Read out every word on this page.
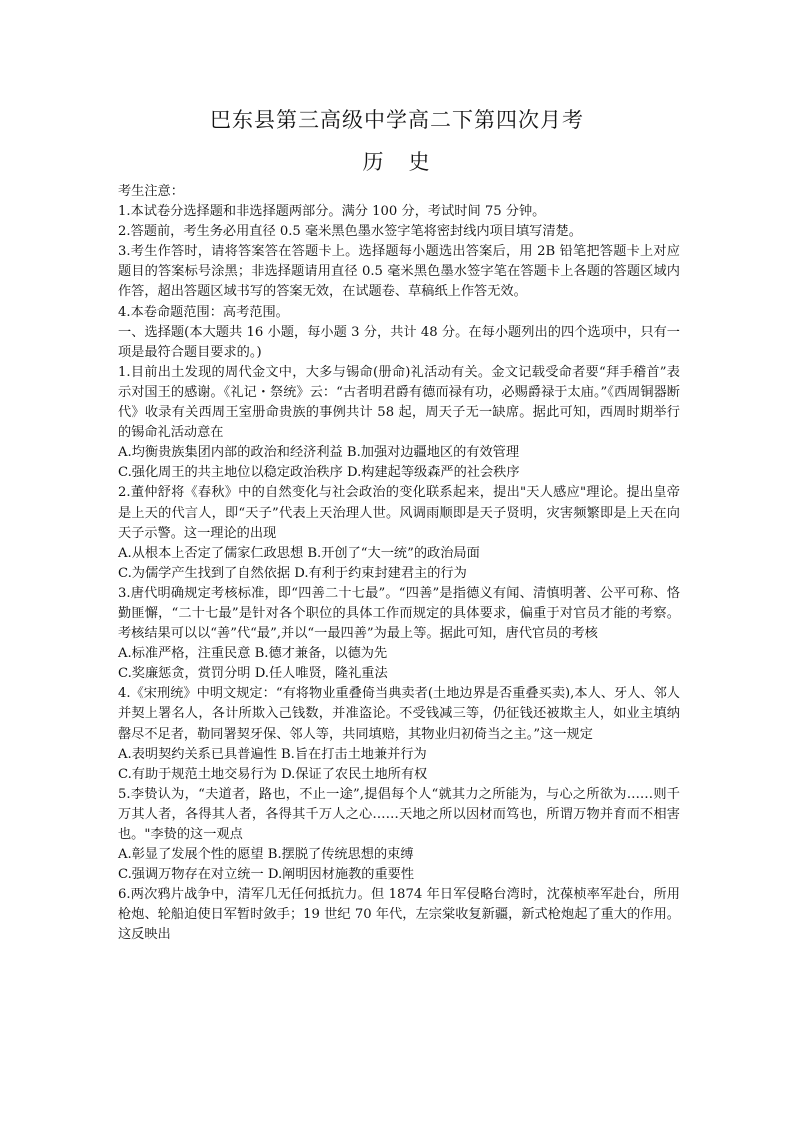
巴东县第三高级中学高二下第四次月考
历　史

考生注意：

1.本试卷分选择题和非选择题两部分。满分 100 分，考试时间 75 分钟。

2.答题前，考生务必用直径 0.5 毫米黑色墨水签字笔将密封线内项目填写清楚。

3.考生作答时，请将答案答在答题卡上。选择题每小题选出答案后，用 2B 铅笔把答题卡上对应题目的答案标号涂黑；非选择题请用直径 0.5 毫米黑色墨水签字笔在答题卡上各题的答题区域内作答，超出答题区域书写的答案无效，在试题卷、草稿纸上作答无效。

4.本卷命题范围：高考范围。

一、选择题(本大题共 16 小题，每小题 3 分，共计 48 分。在每小题列出的四个选项中，只有一项是最符合题目要求的。)

1.目前出土发现的周代金文中，大多与锡命(册命)礼活动有关。金文记载受命者要“拜手稽首”表示对国王的感谢。《礼记・祭统》云：“古者明君爵有德而禄有功，必赐爵禄于太庙。”《西周铜器断代》收录有关西周王室册命贵族的事例共计 58 起，周天子无一缺席。据此可知，西周时期举行的锡命礼活动意在

A.均衡贵族集团内部的政治和经济利益 B.加强对边疆地区的有效管理

C.强化周王的共主地位以稳定政治秩序 D.构建起等级森严的社会秩序

2.董仲舒将《春秋》中的自然变化与社会政治的变化联系起来，提出"天人感应"理论。提出皇帝是上天的代言人，即“天子”代表上天治理人世。风调雨顺即是天子贤明，灾害频繁即是上天在向天子示警。这一理论的出现

A.从根本上否定了儒家仁政思想 B.开创了“大一统”的政治局面

C.为儒学产生找到了自然依据 D.有利于约束封建君主的行为

3.唐代明确规定考核标准，即“四善二十七最”。“四善”是指德义有闻、清慎明著、公平可称、恪勤匪懈，“二十七最”是针对各个职位的具体工作而规定的具体要求，偏重于对官员才能的考察。考核结果可以以“善”代“最”,并以“一最四善”为最上等。据此可知，唐代官员的考核

A.标准严格，注重民意 B.德才兼备，以德为先

C.奖廉惩贪，赏罚分明 D.任人唯贤，隆礼重法

4.《宋刑统》中明文规定：“有将物业重叠倚当典卖者(土地边界是否重叠买卖),本人、牙人、邻人并契上署名人，各计所欺入己钱数，并准盗论。不受钱减三等，仍征钱还被欺主人，如业主填纳罄尽不足者，勒同署契牙保、邻人等，共同填赔，其物业归初倚当之主。”这一规定

A.表明契约关系已具普遍性 B.旨在打击土地兼并行为

C.有助于规范土地交易行为 D.保证了农民土地所有权

5.李贽认为，“夫道者，路也，不止一途”,提倡每个人“就其力之所能为，与心之所欲为……则千万其人者，各得其人者，各得其千万人之心……天地之所以因材而笃也，所谓万物并育而不相害也。"李贽的这一观点

A.彰显了发展个性的愿望 B.摆脱了传统思想的束缚

C.强调万物存在对立统一 D.阐明因材施教的重要性

6.两次鸦片战争中，清军几无任何抵抗力。但 1874 年日军侵略台湾时，沈葆桢率军赴台，所用枪炮、轮船迫使日军暂时敛手；19 世纪 70 年代，左宗棠收复新疆，新式枪炮起了重大的作用。这反映出
